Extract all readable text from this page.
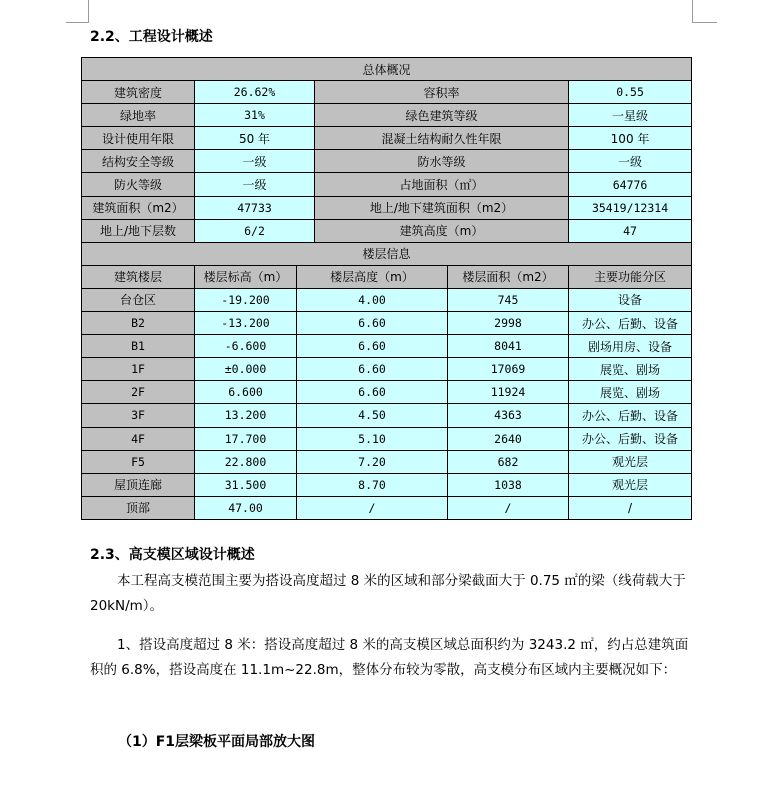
2.2、工程设计概述
总体概况					
建筑密度	26.62%		容积率		0.55
绿地率	31%		绿色建筑等级		一星级
设计使用年限	50 年		混凝土结构耐久性年限		100 年
结构安全等级	一级		防水等级		一级
防火等级	一级		占地面积（㎡）		64776
建筑面积（m2）	47733		地上/地下建筑面积（m2）		35419/12314
地上/地下层数	6/2		建筑高度（m）		47
楼层信息					
建筑楼层	楼层标高（m）	楼层高度（m）		楼层面积（m2）	主要功能分区
台仓区	-19.200	4.00		745	设备
B2	-13.200	6.60		2998	办公、后勤、设备
B1	-6.600	6.60		8041	剧场用房、设备
1F	±0.000	6.60		17069	展览、剧场
2F	6.600	6.60		11924	展览、剧场
3F	13.200	4.50		4363	办公、后勤、设备
4F	17.700	5.10		2640	办公、后勤、设备
F5	22.800	7.20		682	观光层
屋顶连廊	31.500	8.70		1038	观光层
顶部	47.00	/		/	/
2.3、高支模区域设计概述
本工程高支模范围主要为搭设高度超过 8 米的区域和部分梁截面大于 0.75 ㎡的梁（线荷载大于 20kN/m）。
1、搭设高度超过 8 米：搭设高度超过 8 米的高支模区域总面积约为 3243.2 ㎡，约占总建筑面积的 6.8%，搭设高度在 11.1m~22.8m，整体分布较为零散，高支模分布区域内主要概况如下：
（1）F1层梁板平面局部放大图
